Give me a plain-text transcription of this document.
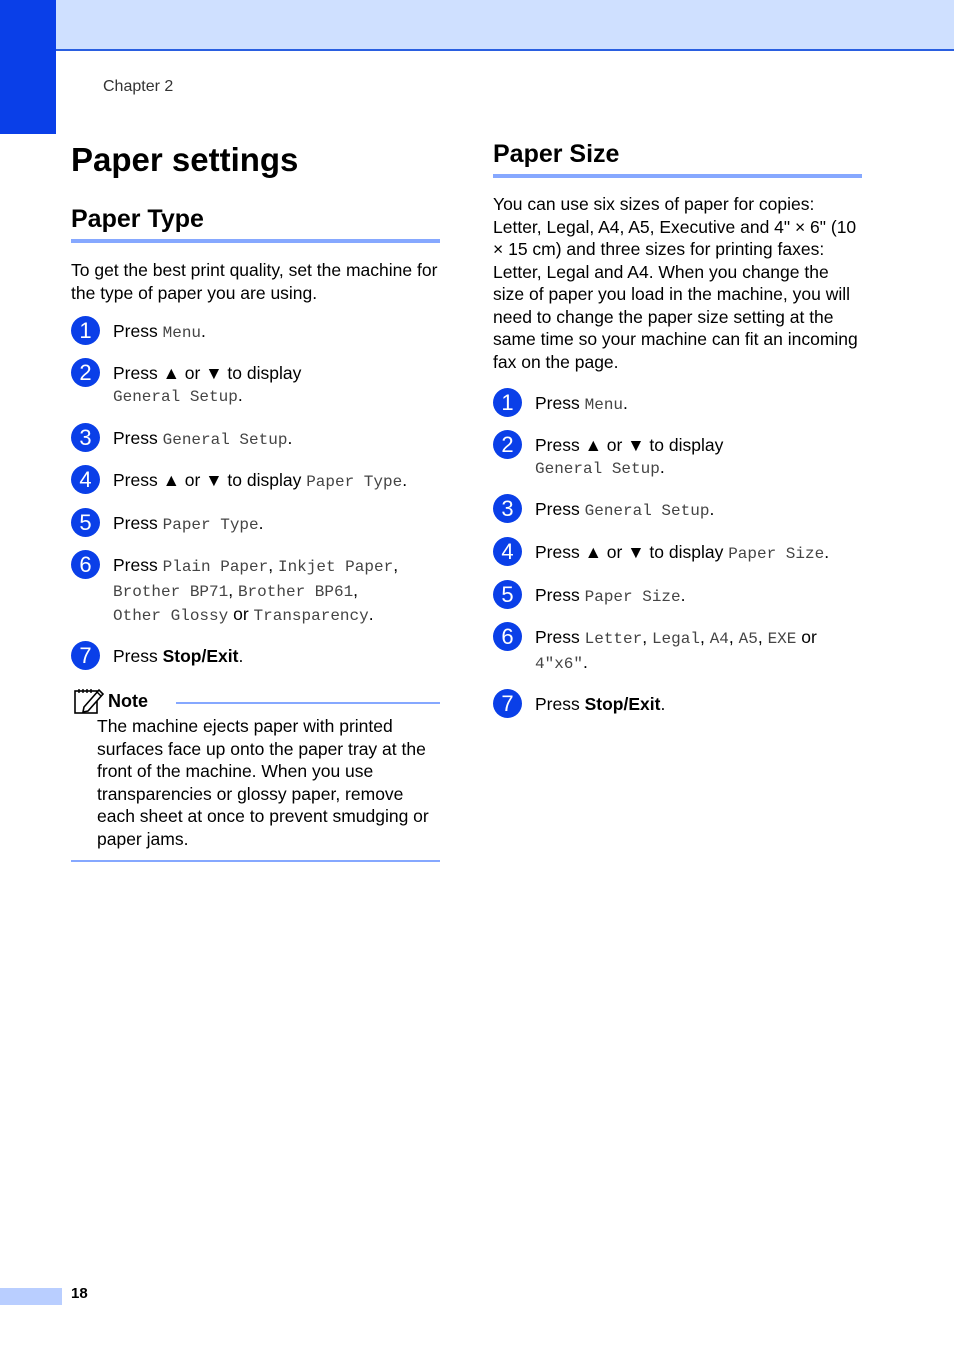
Chapter 2
Paper settings
Paper Type

To get the best print quality, set the machine for the type of paper you are using.

1	Press Menu.
2	Press ▲ or ▼ to display
General Setup.
3	Press General Setup.
4	Press ▲ or ▼ to display Paper Type.
5	Press Paper Type.
6	Press Plain Paper, Inkjet Paper,
Brother BP71, Brother BP61,
Other Glossy or Transparency.
7	Press Stop/Exit.
Note

The machine ejects paper with printed surfaces face up onto the paper tray at the front of the machine. When you use transparencies or glossy paper, remove each sheet at once to prevent smudging or paper jams.

Paper Size

You can use six sizes of paper for copies: Letter, Legal, A4, A5, Executive and 4" × 6" (10 × 15 cm) and three sizes for printing faxes: Letter, Legal and A4. When you change the size of paper you load in the machine, you will need to change the paper size setting at the same time so your machine can fit an incoming fax on the page.

1	Press Menu.
2	Press ▲ or ▼ to display
General Setup.
3	Press General Setup.
4	Press ▲ or ▼ to display Paper Size.
5	Press Paper Size.
6	Press Letter, Legal, A4, A5, EXE or
4"x6".
7	Press Stop/Exit.
18
